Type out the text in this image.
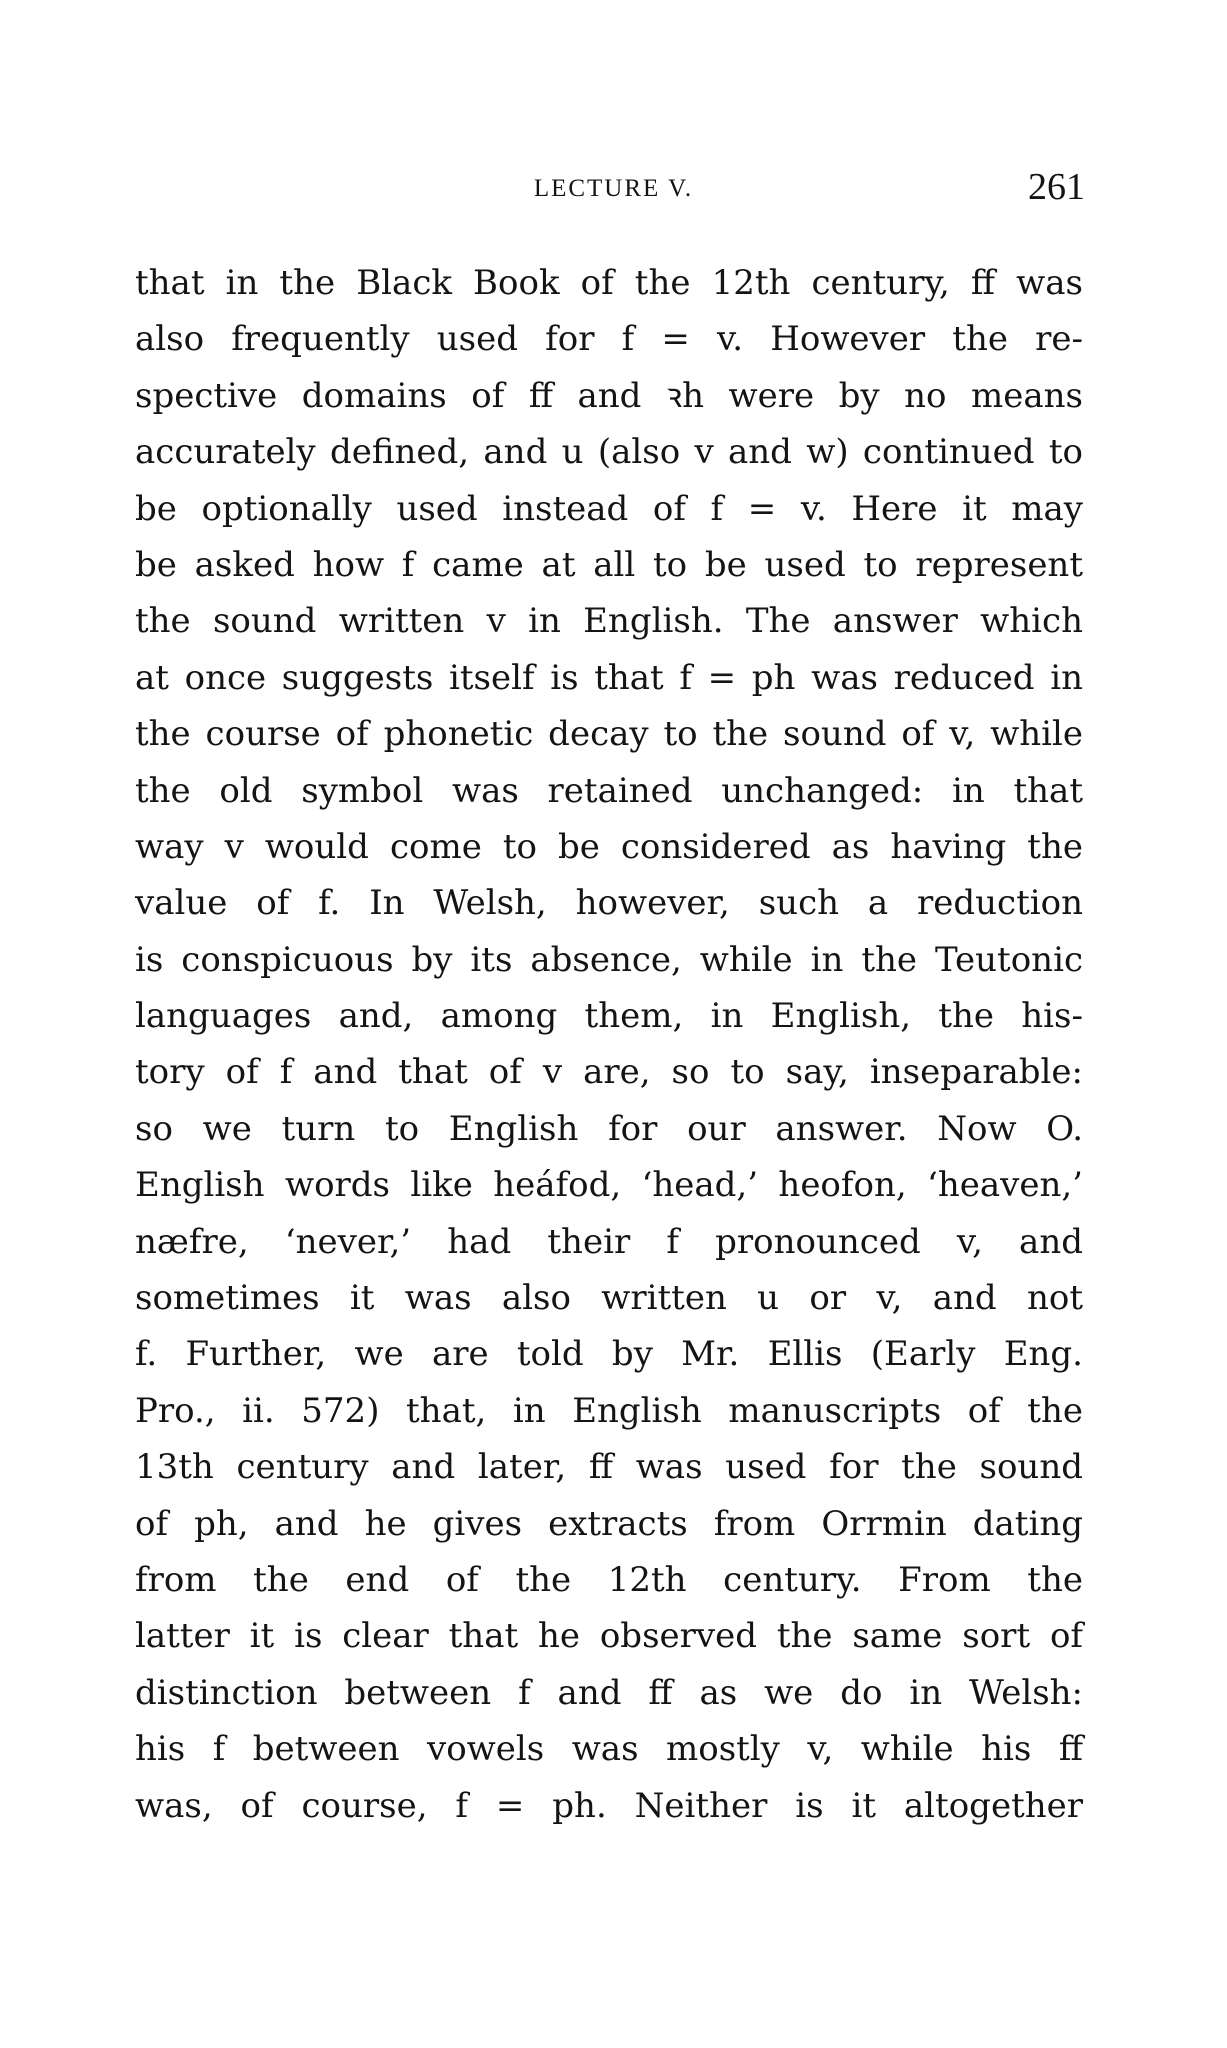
LECTURE V.	261
that in the Black Book of the 12th century, ff was
also frequently used for f = v. However the re-
spective domains of ff and ꝛh were by no means
accurately defined, and u (also v and w) continued to
be optionally used instead of f = v. Here it may
be asked how f came at all to be used to represent
the sound written v in English. The answer which
at once suggests itself is that f = ph was reduced in
the course of phonetic decay to the sound of v, while
the old symbol was retained unchanged: in that
way v would come to be considered as having the
value of f. In Welsh, however, such a reduction
is conspicuous by its absence, while in the Teutonic
languages and, among them, in English, the his-
tory of f and that of v are, so to say, inseparable:
so we turn to English for our answer. Now O.
English words like heáfod, ‘head,’ heofon, ‘heaven,’
næfre, ‘never,’ had their f pronounced v, and
sometimes it was also written u or v, and not
f. Further, we are told by Mr. Ellis (Early Eng.
Pro., ii. 572) that, in English manuscripts of the
13th century and later, ff was used for the sound
of ph, and he gives extracts from Orrmin dating
from the end of the 12th century. From the
latter it is clear that he observed the same sort of
distinction between f and ff as we do in Welsh:
his f between vowels was mostly v, while his ff
was, of course, f = ph. Neither is it altogether
